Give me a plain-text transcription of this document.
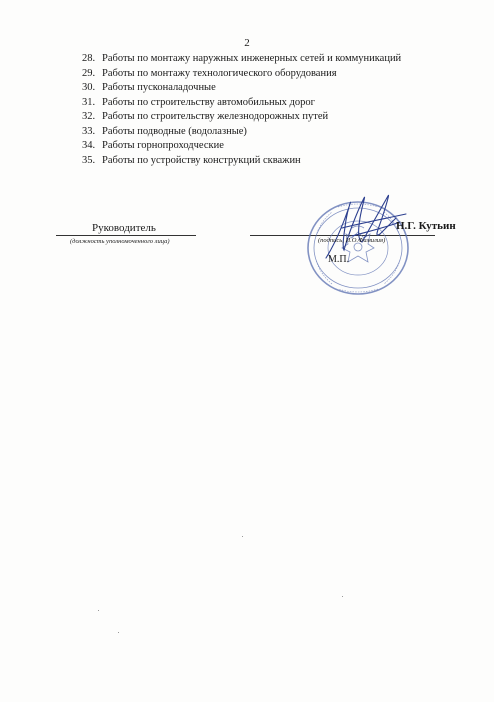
2
28. Работы по монтажу наружных инженерных сетей и коммуникаций
29. Работы по монтажу технологического оборудования
30. Работы пусконаладочные
31. Работы по строительству автомобильных дорог
32. Работы по строительству железнодорожных путей
33. Работы подводные (водолазные)
34. Работы горнопроходческие
35. Работы по устройству конструкций скважин
Руководитель
(должность уполномоченного лица)	(подпись, И.О.Фамилия)
Н.Г. Кутьин
М.П.
